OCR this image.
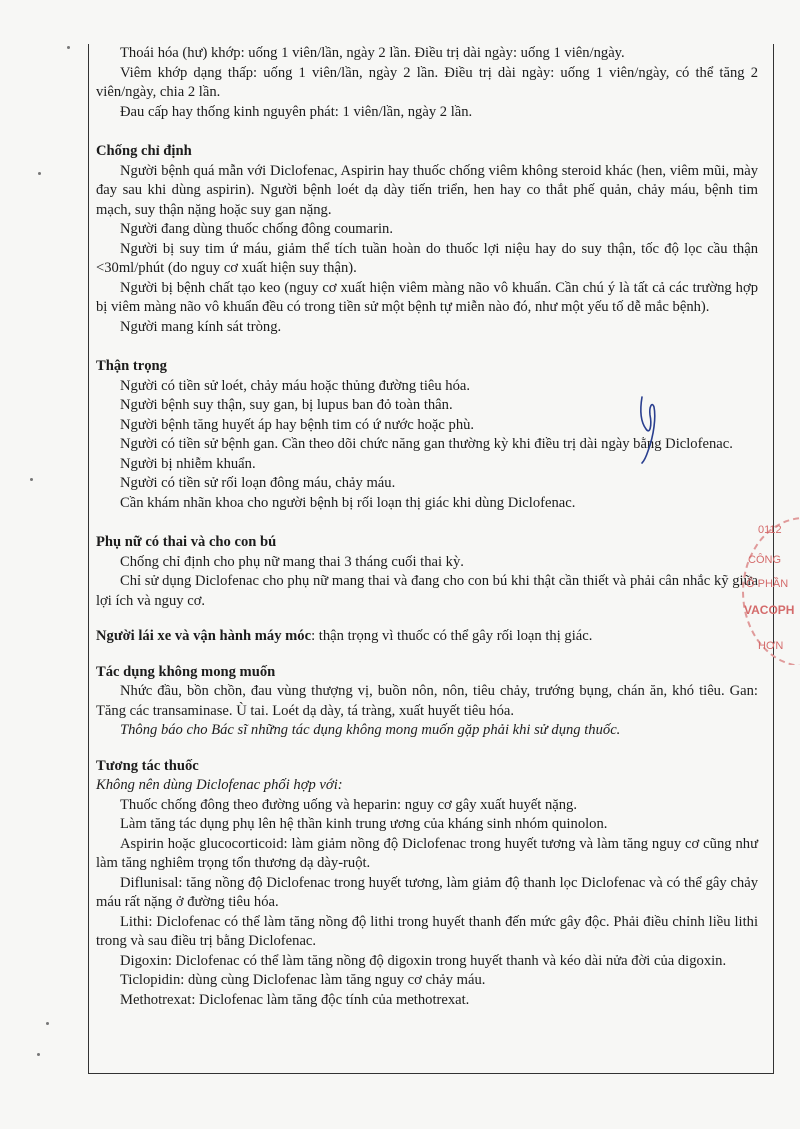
Thoái hóa (hư) khớp: uống 1 viên/lần, ngày 2 lần. Điều trị dài ngày: uống 1 viên/ngày.

Viêm khớp dạng thấp: uống 1 viên/lần, ngày 2 lần. Điều trị dài ngày: uống 1 viên/ngày, có thể tăng 2 viên/ngày, chia 2 lần.

Đau cấp hay thống kinh nguyên phát: 1 viên/lần, ngày 2 lần.

Chống chỉ định

Người bệnh quá mẫn với Diclofenac, Aspirin hay thuốc chống viêm không steroid khác (hen, viêm mũi, mày đay sau khi dùng aspirin). Người bệnh loét dạ dày tiến triển, hen hay co thắt phế quản, chảy máu, bệnh tim mạch, suy thận nặng hoặc suy gan nặng.

Người đang dùng thuốc chống đông coumarin.

Người bị suy tim ứ máu, giảm thể tích tuần hoàn do thuốc lợi niệu hay do suy thận, tốc độ lọc cầu thận <30ml/phút (do nguy cơ xuất hiện suy thận).

Người bị bệnh chất tạo keo (nguy cơ xuất hiện viêm màng não vô khuẩn. Cần chú ý là tất cả các trường hợp bị viêm màng não vô khuẩn đều có trong tiền sử một bệnh tự miễn nào đó, như một yếu tố dễ mắc bệnh).

Người mang kính sát tròng.

Thận trọng

Người có tiền sử loét, chảy máu hoặc thủng đường tiêu hóa.

Người bệnh suy thận, suy gan, bị lupus ban đỏ toàn thân.

Người bệnh tăng huyết áp hay bệnh tim có ứ nước hoặc phù.

Người có tiền sử bệnh gan. Cần theo dõi chức năng gan thường kỳ khi điều trị dài ngày bằng Diclofenac.

Người bị nhiễm khuẩn.

Người có tiền sử rối loạn đông máu, chảy máu.

Cần khám nhãn khoa cho người bệnh bị rối loạn thị giác khi dùng Diclofenac.

Phụ nữ có thai và cho con bú

Chống chỉ định cho phụ nữ mang thai 3 tháng cuối thai kỳ.

Chỉ sử dụng Diclofenac cho phụ nữ mang thai và đang cho con bú khi thật cần thiết và phải cân nhắc kỹ giữa lợi ích và nguy cơ.

Người lái xe và vận hành máy móc: thận trọng vì thuốc có thể gây rối loạn thị giác.

Tác dụng không mong muốn

Nhức đầu, bồn chồn, đau vùng thượng vị, buồn nôn, nôn, tiêu chảy, trướng bụng, chán ăn, khó tiêu. Gan: Tăng các transaminase. Ù tai. Loét dạ dày, tá tràng, xuất huyết tiêu hóa.

Thông báo cho Bác sĩ những tác dụng không mong muốn gặp phải khi sử dụng thuốc.

Tương tác thuốc

Không nên dùng Diclofenac phối hợp với:

Thuốc chống đông theo đường uống và heparin: nguy cơ gây xuất huyết nặng.

Làm tăng tác dụng phụ lên hệ thần kinh trung ương của kháng sinh nhóm quinolon.

Aspirin hoặc glucocorticoid: làm giảm nồng độ Diclofenac trong huyết tương và làm tăng nguy cơ cũng như làm tăng nghiêm trọng tổn thương dạ dày-ruột.

Diflunisal: tăng nồng độ Diclofenac trong huyết tương, làm giảm độ thanh lọc Diclofenac và có thể gây chảy máu rất nặng ở đường tiêu hóa.

Lithi: Diclofenac có thể làm tăng nồng độ lithi trong huyết thanh đến mức gây độc. Phải điều chỉnh liều lithi trong và sau điều trị bằng Diclofenac.

Digoxin: Diclofenac có thể làm tăng nồng độ digoxin trong huyết thanh và kéo dài nửa đời của digoxin.

Ticlopidin: dùng cùng Diclofenac làm tăng nguy cơ chảy máu.

Methotrexat: Diclofenac làm tăng độc tính của methotrexat.

0112
CÔNG
Ổ PHẦN
VACOPH
HƠN
